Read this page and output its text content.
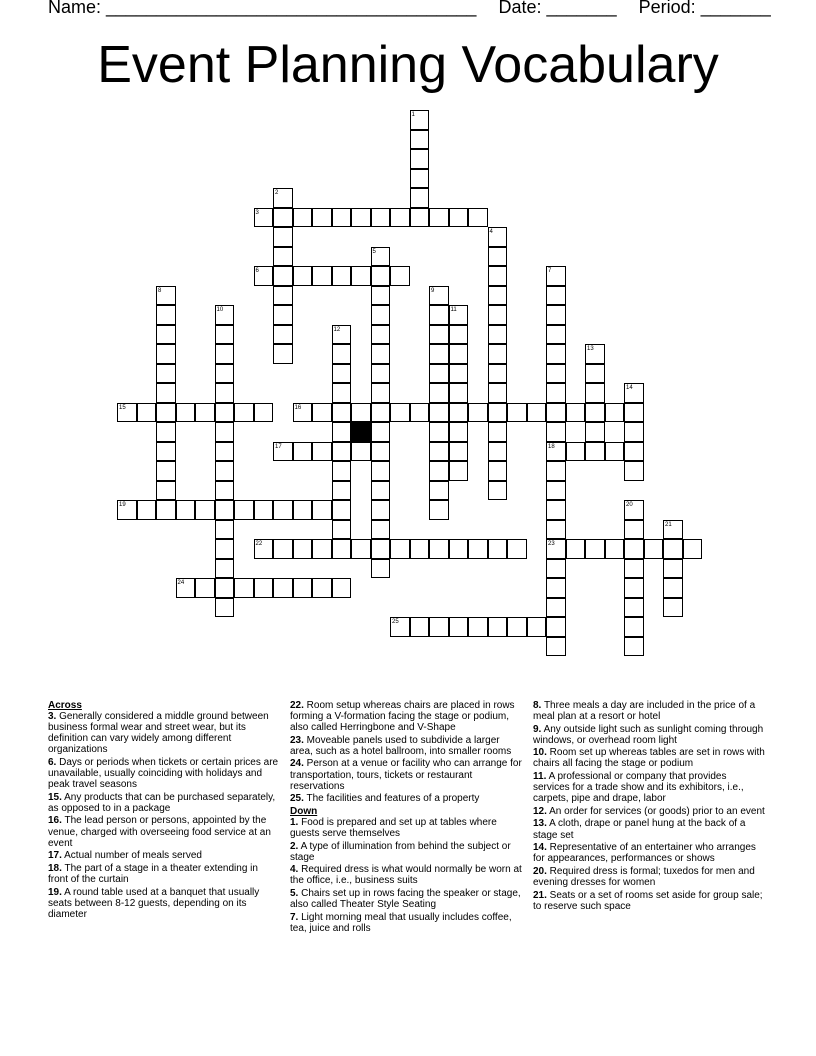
Name: _____________________________________ Date: _______ Period: _______
Event Planning Vocabulary
1
2
3
4
5
6	7
18
23
8	9
10	11
12
13
14
15	16
17
19	20
21
22
24
25
Across
3. Generally considered a middle ground between business formal wear and street wear, but its definition can vary widely among different organizations
6. Days or periods when tickets or certain prices are unavailable, usually coinciding with holidays and peak travel seasons
15. Any products that can be purchased separately, as opposed to in a package
16. The lead person or persons, appointed by the venue, charged with overseeing food service at an event
17. Actual number of meals served
18. The part of a stage in a theater extending in front of the curtain
19. A round table used at a banquet that usually seats between 8-12 guests, depending on its diameter
22. Room setup whereas chairs are placed in rows forming a V-formation facing the stage or podium, also called Herringbone and V-Shape
23. Moveable panels used to subdivide a larger area, such as a hotel ballroom, into smaller rooms
24. Person at a venue or facility who can arrange for transportation, tours, tickets or restaurant reservations
25. The facilities and features of a property
Down
1. Food is prepared and set up at tables where guests serve themselves
2. A type of illumination from behind the subject or stage
4. Required dress is what would normally be worn at the office, i.e., business suits
5. Chairs set up in rows facing the speaker or stage, also called Theater Style Seating
7. Light morning meal that usually includes coffee, tea, juice and rolls
8. Three meals a day are included in the price of a meal plan at a resort or hotel
9. Any outside light such as sunlight coming through windows, or overhead room light
10. Room set up whereas tables are set in rows with chairs all facing the stage or podium
11. A professional or company that provides services for a trade show and its exhibitors, i.e., carpets, pipe and drape, labor
12. An order for services (or goods) prior to an event
13. A cloth, drape or panel hung at the back of a stage set
14. Representative of an entertainer who arranges for appearances, performances or shows
20. Required dress is formal; tuxedos for men and evening dresses for women
21. Seats or a set of rooms set aside for group sale; to reserve such space
